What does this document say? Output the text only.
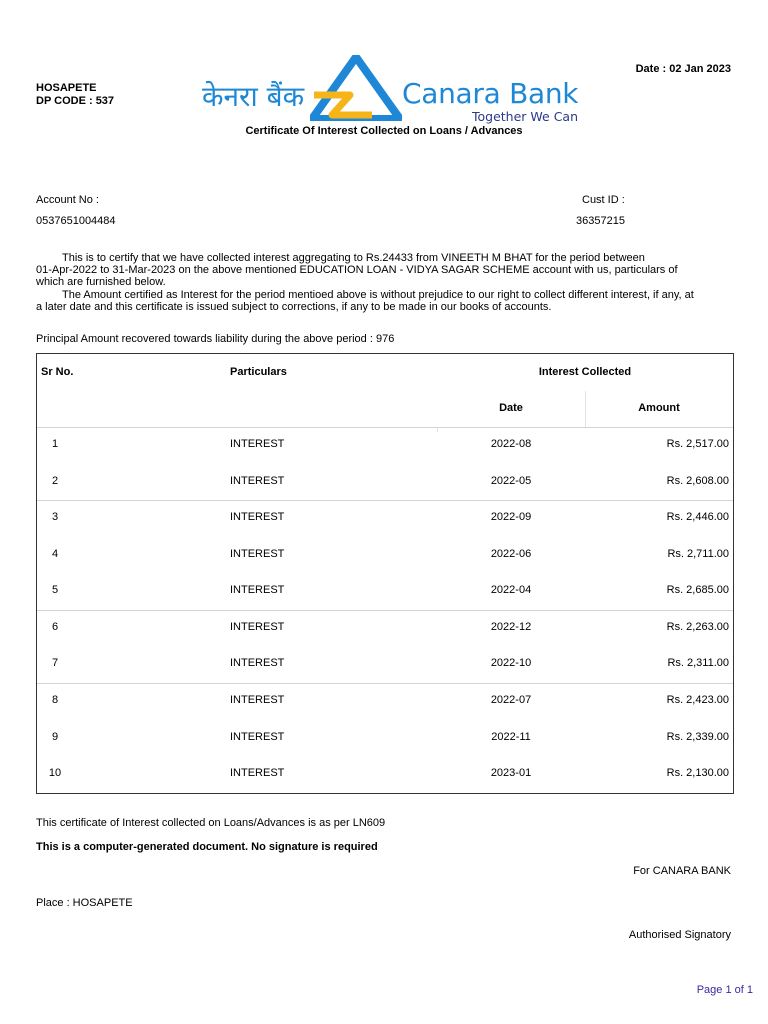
HOSAPETE
DP CODE : 537
Date : 02 Jan 2023
केनरा बैंक	Canara Bank
Together We Can
Certificate Of Interest Collected on Loans / Advances
Account No :
0537651004484
Cust ID :
36357215
This is to certify that we have collected interest aggregating to Rs.24433 from VINEETH M BHAT for the period between
01-Apr-2022 to 31-Mar-2023 on the above mentioned EDUCATION LOAN - VIDYA SAGAR SCHEME account with us, particulars of
which are furnished below.
The Amount certified as Interest for the period mentioed above is without prejudice to our right to collect different interest, if any, at
a later date and this certificate is issued subject to corrections, if any to be made in our books of accounts.
Principal Amount recovered towards liability during the above period : 976
Sr No.	Particulars	Interest Collected
Date	Amount
1	INTEREST	2022-08	Rs. 2,517.00
2	INTEREST	2022-05	Rs. 2,608.00
3	INTEREST	2022-09	Rs. 2,446.00
4	INTEREST	2022-06	Rs. 2,711.00
5	INTEREST	2022-04	Rs. 2,685.00
6	INTEREST	2022-12	Rs. 2,263.00
7	INTEREST	2022-10	Rs. 2,311.00
8	INTEREST	2022-07	Rs. 2,423.00
9	INTEREST	2022-11	Rs. 2,339.00
10	INTEREST	2023-01	Rs. 2,130.00
This certificate of Interest collected on Loans/Advances is as per LN609
This is a computer-generated document. No signature is required
For CANARA BANK
Place : HOSAPETE
Authorised Signatory
Page 1 of 1
